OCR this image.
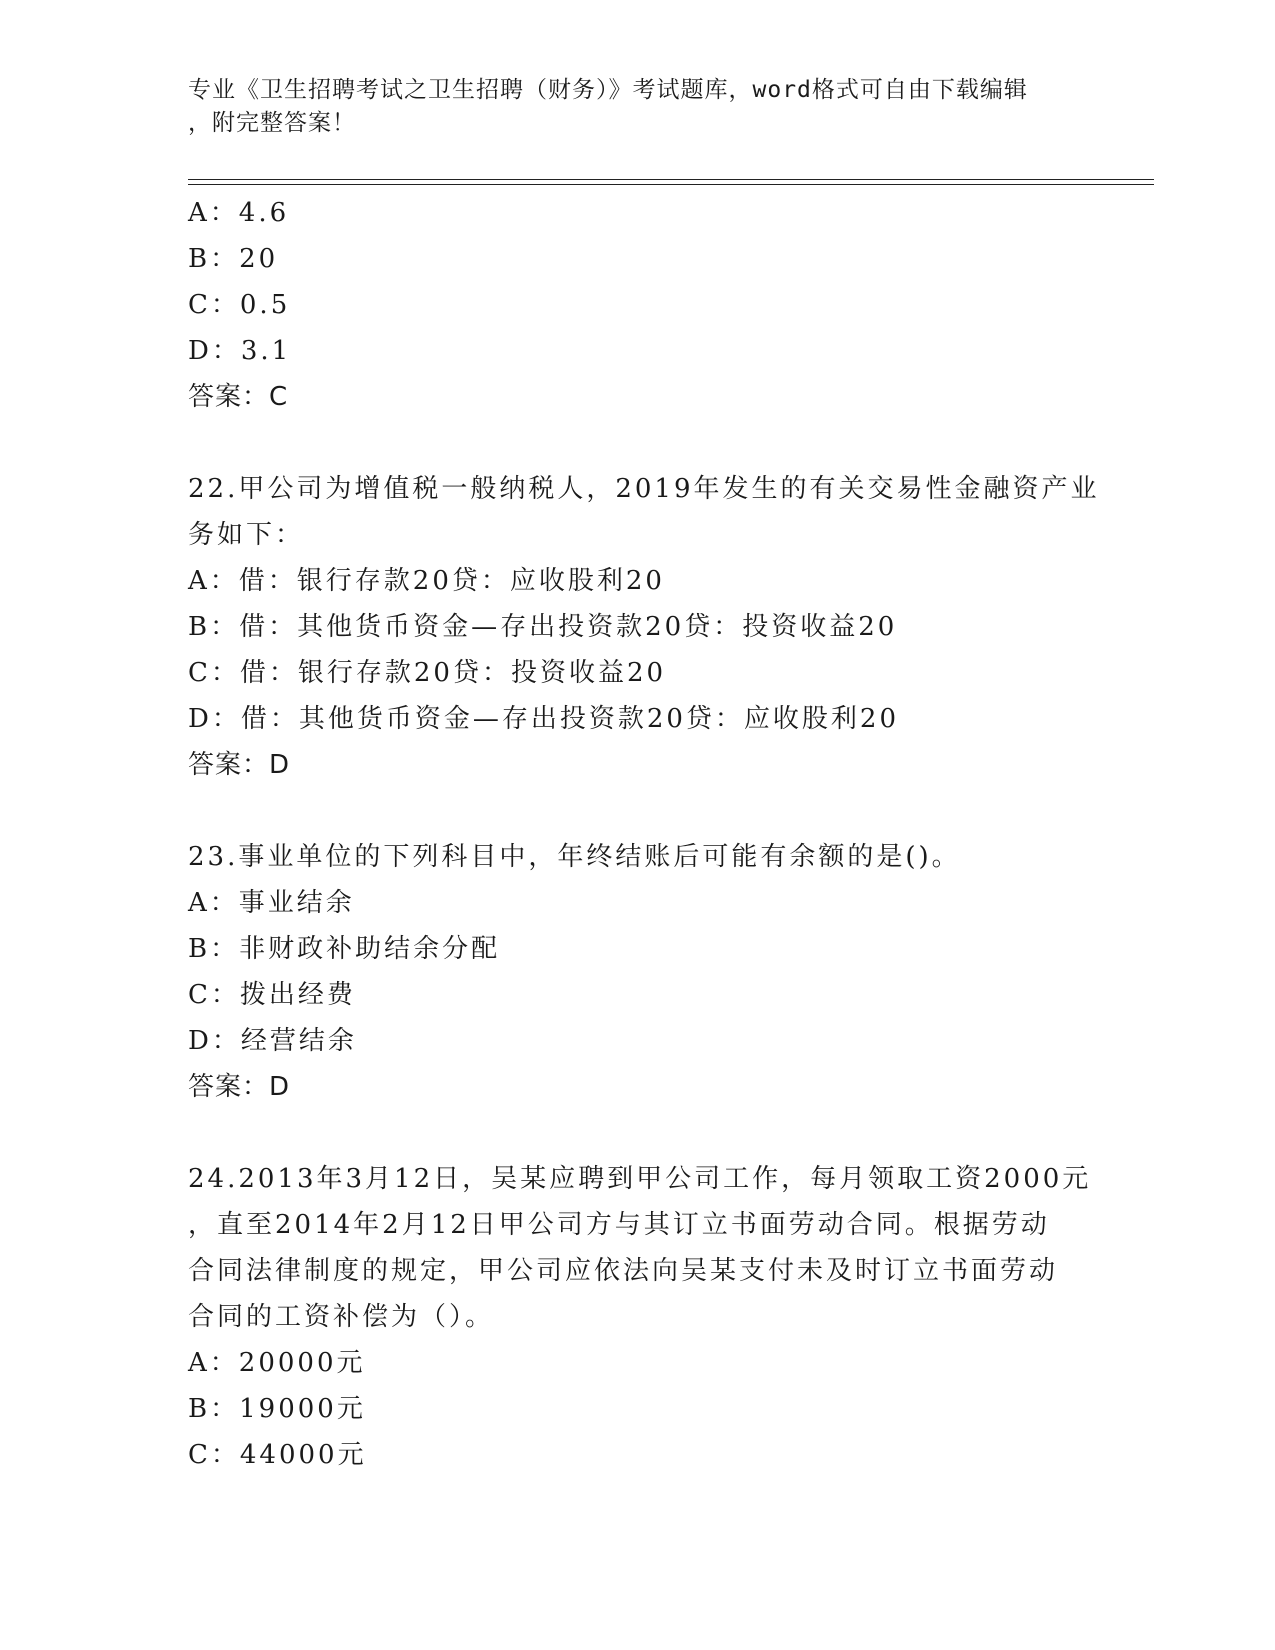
专业《卫生招聘考试之卫生招聘（财务）》考试题库，word格式可自由下载编辑
，附完整答案！
A：4.6
B：20
C：0.5
D：3.1
答案：C
22.甲公司为增值税一般纳税人，2019年发生的有关交易性金融资产业
务如下：
A：借：银行存款20贷：应收股利20
B：借：其他货币资金—存出投资款20贷：投资收益20
C：借：银行存款20贷：投资收益20
D：借：其他货币资金—存出投资款20贷：应收股利20
答案：D
23.事业单位的下列科目中，年终结账后可能有余额的是()。
A：事业结余
B：非财政补助结余分配
C：拨出经费
D：经营结余
答案：D
24.2013年3月12日，吴某应聘到甲公司工作，每月领取工资2000元
，直至2014年2月12日甲公司方与其订立书面劳动合同。根据劳动
合同法律制度的规定，甲公司应依法向吴某支付未及时订立书面劳动
合同的工资补偿为（）。
A：20000元
B：19000元
C：44000元
